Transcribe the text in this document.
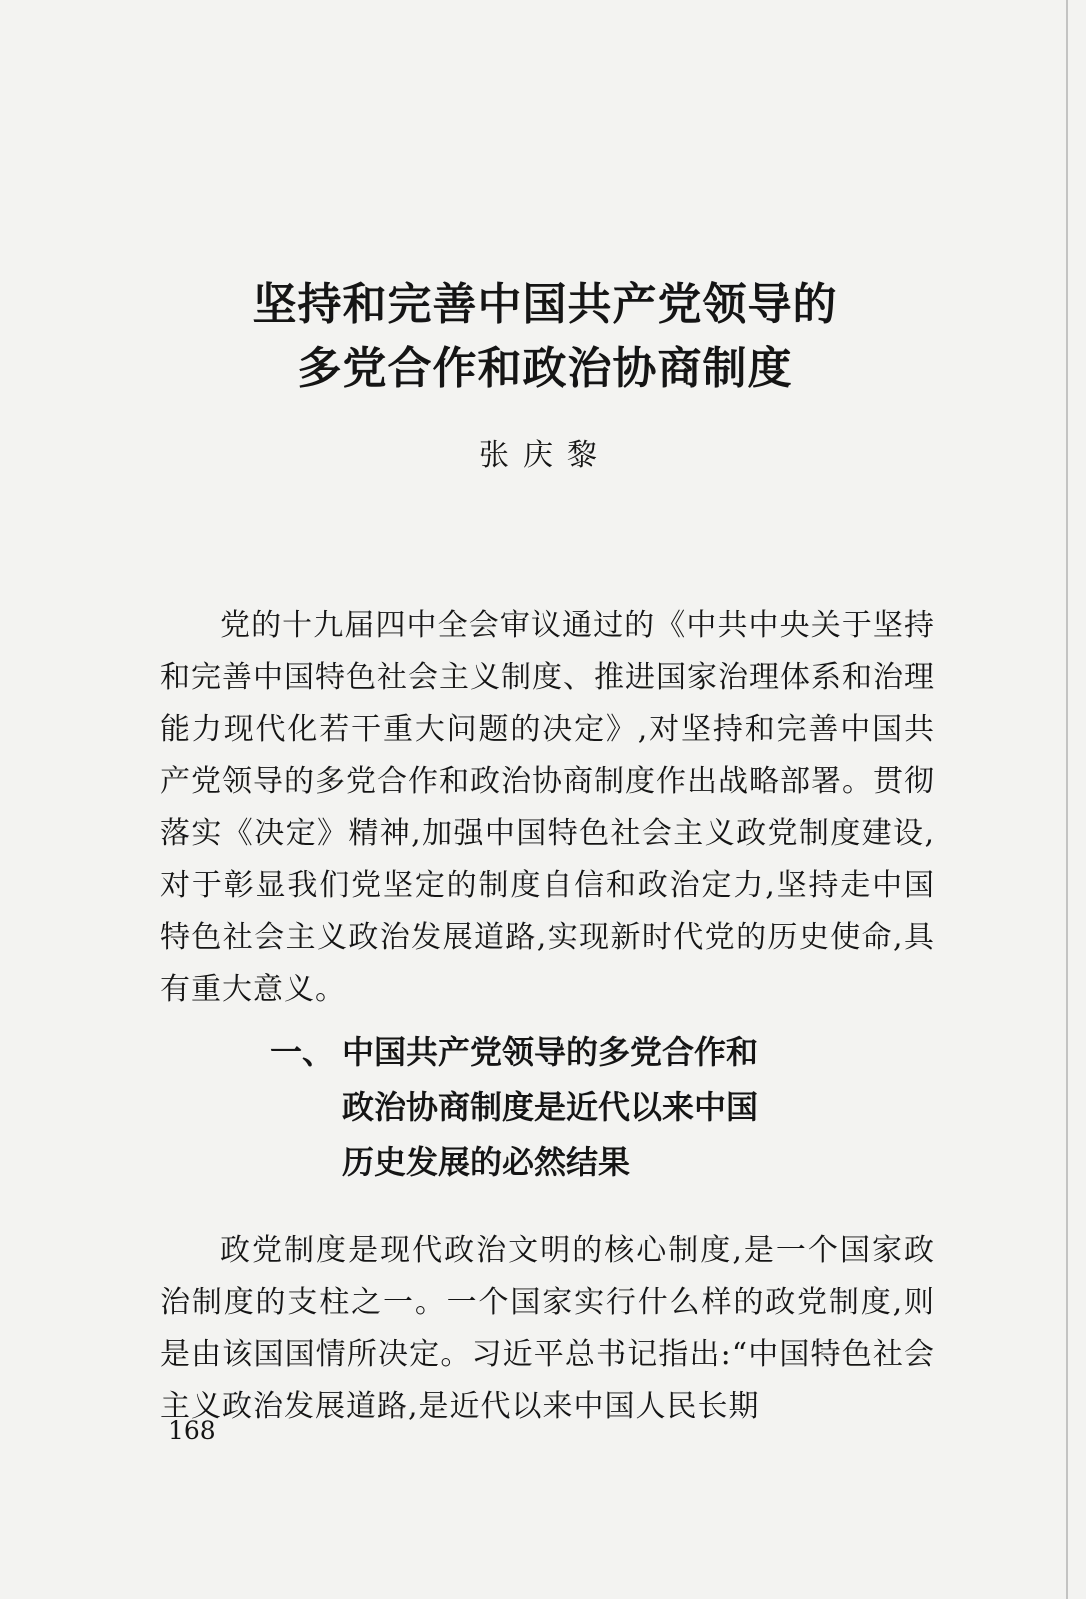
坚持和完善中国共产党领导的
多党合作和政治协商制度

张庆黎

党的十九届四中全会审议通过的《中共中央关于坚持和完善中国特色社会主义制度、推进国家治理体系和治理能力现代化若干重大问题的决定》,对坚持和完善中国共产党领导的多党合作和政治协商制度作出战略部署。贯彻落实《决定》精神,加强中国特色社会主义政党制度建设,对于彰显我们党坚定的制度自信和政治定力,坚持走中国特色社会主义政治发展道路,实现新时代党的历史使命,具有重大意义。

一、 中国共产党领导的多党合作和
政治协商制度是近代以来中国
历史发展的必然结果

政党制度是现代政治文明的核心制度,是一个国家政治制度的支柱之一。一个国家实行什么样的政党制度,则是由该国国情所决定。习近平总书记指出:“中国特色社会主义政治发展道路,是近代以来中国人民长期

168
